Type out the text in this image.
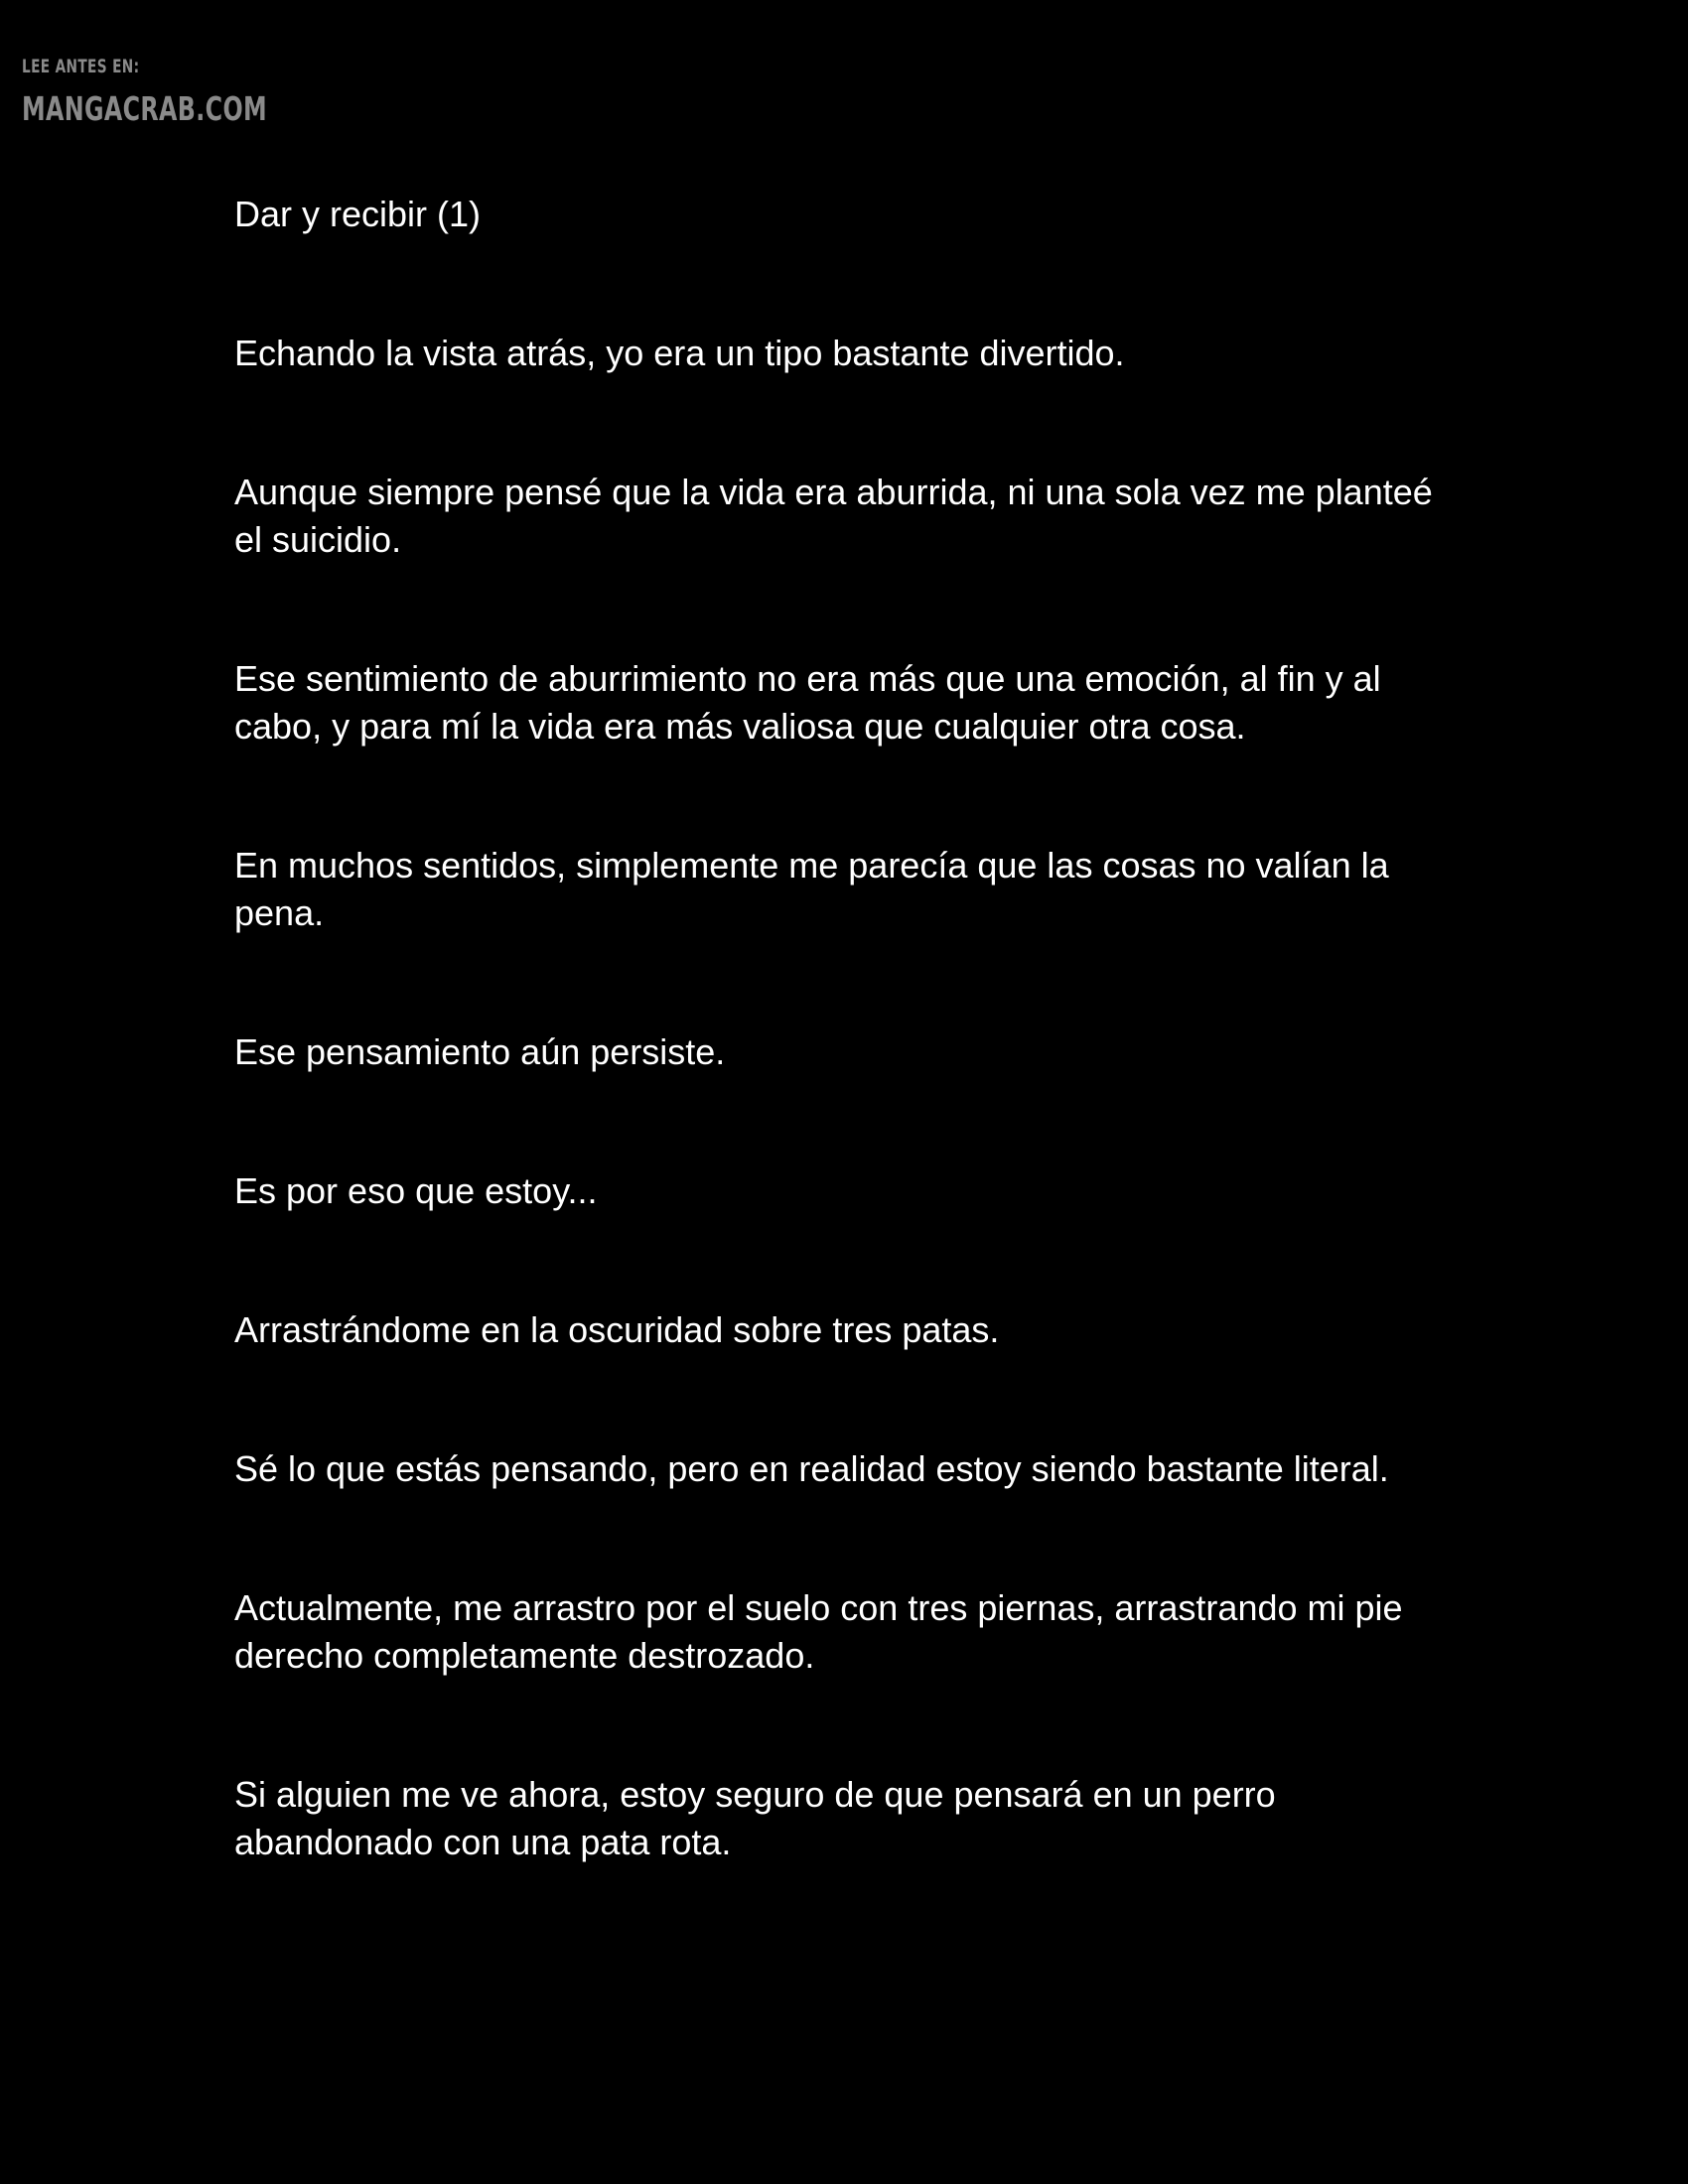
LEE ANTES EN:
MANGACRAB.COM
Dar y recibir (1)

Echando la vista atrás, yo era un tipo bastante divertido.

Aunque siempre pensé que la vida era aburrida, ni una sola vez me planteé el suicidio.

Ese sentimiento de aburrimiento no era más que una emoción, al fin y al cabo, y para mí la vida era más valiosa que cualquier otra cosa.

En muchos sentidos, simplemente me parecía que las cosas no valían la pena.

Ese pensamiento aún persiste.

Es por eso que estoy...

Arrastrándome en la oscuridad sobre tres patas.

Sé lo que estás pensando, pero en realidad estoy siendo bastante literal.

Actualmente, me arrastro por el suelo con tres piernas, arrastrando mi pie derecho completamente destrozado.

Si alguien me ve ahora, estoy seguro de que pensará en un perro abandonado con una pata rota.
